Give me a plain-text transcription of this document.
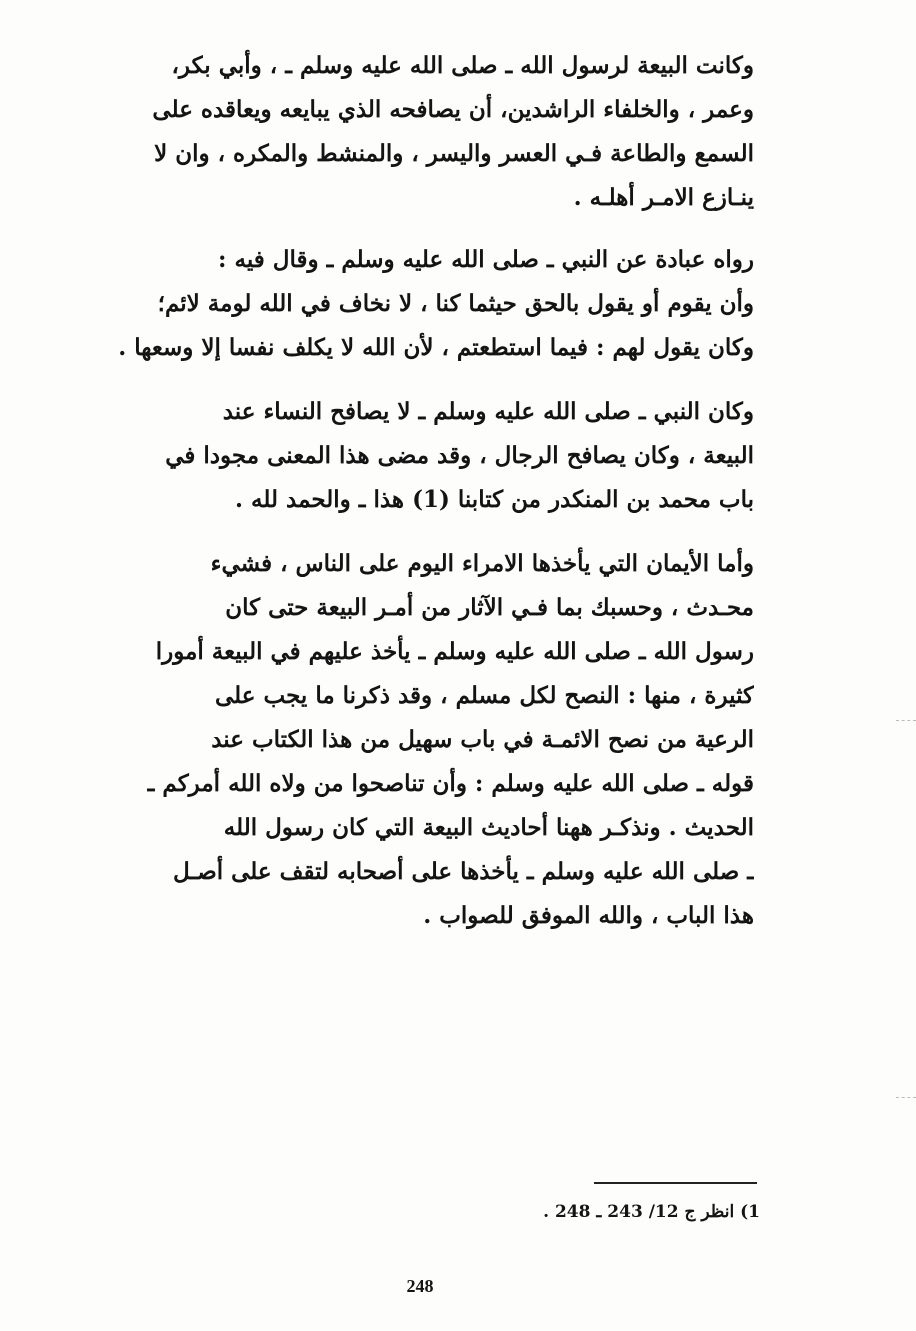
وكانت البيعة لرسول الله ـ صلى الله عليه وسلم ـ ، وأبي بكر،
وعمر ، والخلفاء الراشدين، أن يصافحه الذي يبايعه ويعاقده على
السمع والطاعة فـي العسر واليسر ، والمنشط والمكره ، وان لا
ينـازع الامـر أهلـه .
رواه عبادة عن النبي ـ صلى الله عليه وسلم ـ وقال فيه :
وأن يقوم أو يقول بالحق حيثما كنا ، لا نخاف في الله لومة لائم؛
وكان يقول لهم : فيما استطعتم ، لأن الله لا يكلف نفسا إلا وسعها .
وكان النبي ـ صلى الله عليه وسلم ـ لا يصافح النساء عند
البيعة ، وكان يصافح الرجال ، وقد مضى هذا المعنى مجودا في
باب محمد بن المنكدر من كتابنا (1) هذا ـ والحمد لله .
وأما الأيمان التي يأخذها الامراء اليوم على الناس ، فشيء
محـدث ، وحسبك بما فـي الآثار من أمـر البيعة حتى كان
رسول الله ـ صلى الله عليه وسلم ـ يأخذ عليهم في البيعة أمورا
كثيرة ، منها : النصح لكل مسلم ، وقد ذكرنا ما يجب على
الرعية من نصح الائمـة في باب سهيل من هذا الكتاب عند
قوله ـ صلى الله عليه وسلم : وأن تناصحوا من ولاه الله أمركم ـ
الحديث . ونذكـر ههنا أحاديث البيعة التي كان رسول الله
ـ صلى الله عليه وسلم ـ يأخذها على أصحابه لتقف على أصـل
هذا الباب ، والله الموفق للصواب .
1) انظر ج 12/ 243 ـ 248 .
248
